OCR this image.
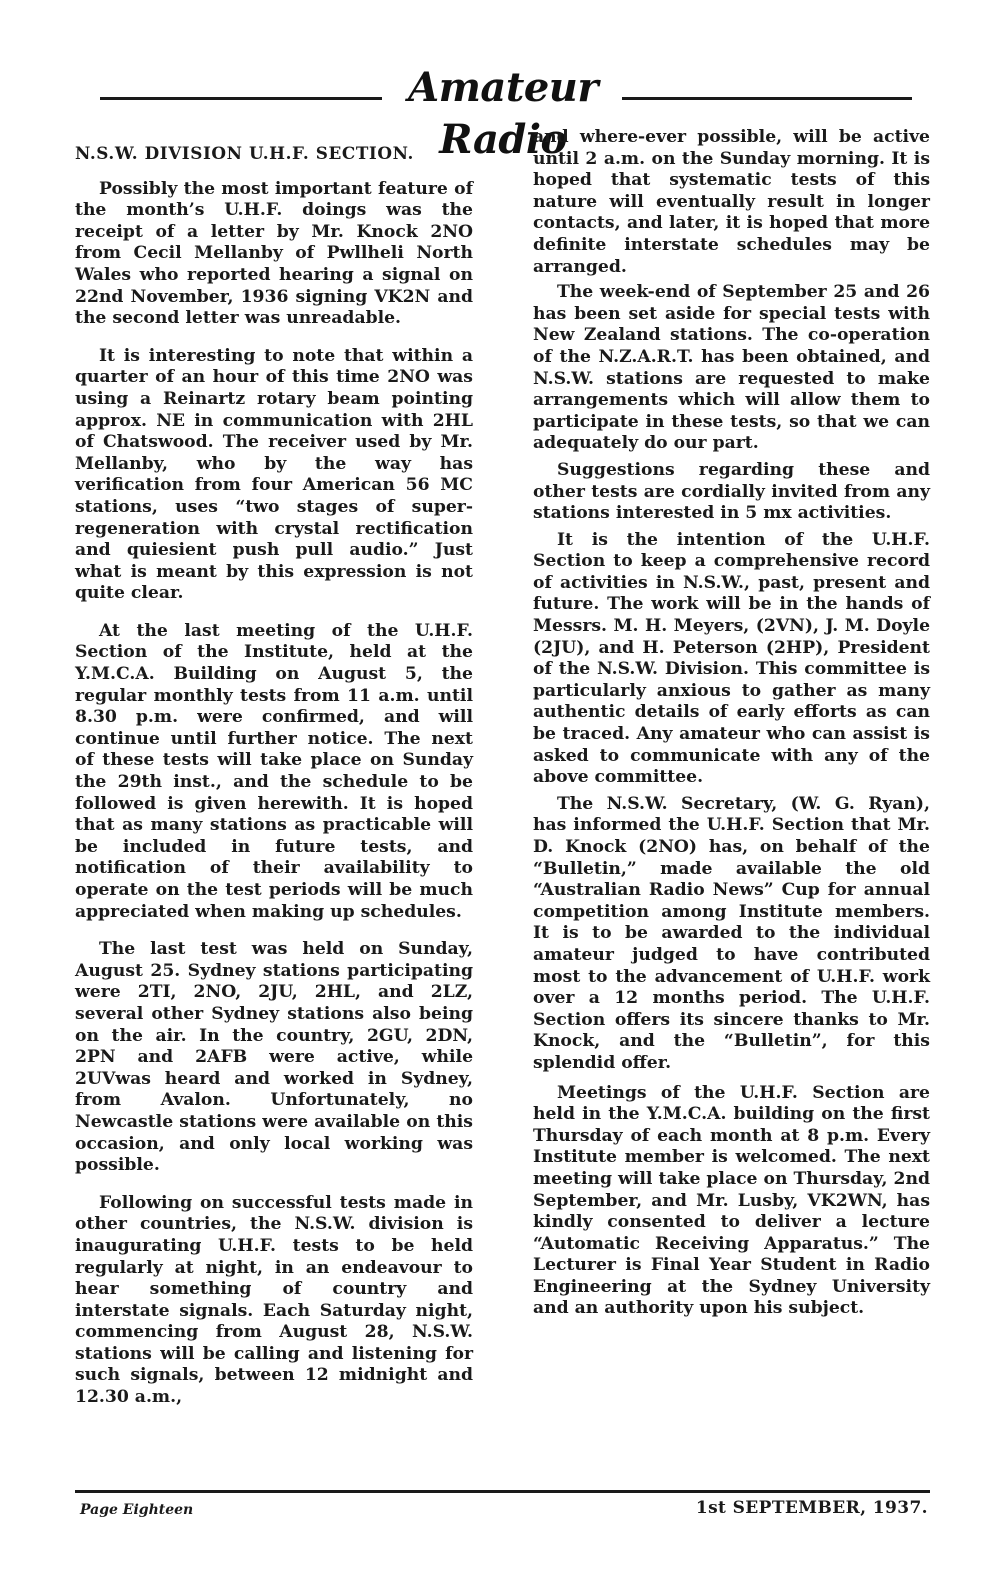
Amateur Radio

N.S.W. DIVISION U.H.F. SECTION.

Possibly the most important feature of the month’s U.H.F. doings was the receipt of a letter by Mr. Knock 2NO from Cecil Mellanby of Pwllheli North Wales who reported hearing a signal on 22nd November, 1936 signing VK2N and the second letter was unreadable.

It is interesting to note that within a quarter of an hour of this time 2NO was using a Reinartz rotary beam pointing approx. NE in communication with 2HL of Chatswood. The receiver used by Mr. Mellanby, who by the way has verification from four American 56 MC stations, uses “two stages of super-regeneration with crystal rectification and quiesient push pull audio.” Just what is meant by this expression is not quite clear.

At the last meeting of the U.H.F. Section of the Institute, held at the Y.M.C.A. Building on August 5, the regular monthly tests from 11 a.m. until 8.30 p.m. were confirmed, and will continue until further notice. The next of these tests will take place on Sunday the 29th inst., and the schedule to be followed is given herewith. It is hoped that as many stations as practicable will be included in future tests, and notification of their availability to operate on the test periods will be much appreciated when making up schedules.

The last test was held on Sunday, August 25. Sydney stations participating were 2TI, 2NO, 2JU, 2HL, and 2LZ, several other Sydney stations also being on the air. In the country, 2GU, 2DN, 2PN and 2AFB were active, while 2UVwas heard and worked in Sydney, from Avalon. Unfortunately, no Newcastle stations were available on this occasion, and only local working was possible.

Following on successful tests made in other countries, the N.S.W. division is inaugurating U.H.F. tests to be held regularly at night, in an endeavour to hear something of country and interstate signals. Each Saturday night, commencing from August 28, N.S.W. stations will be calling and listening for such signals, between 12 midnight and 12.30 a.m.,

and where-ever possible, will be active until 2 a.m. on the Sunday morning. It is hoped that systematic tests of this nature will eventually result in longer contacts, and later, it is hoped that more definite interstate schedules may be arranged.

The week-end of September 25 and 26 has been set aside for special tests with New Zealand stations. The co-operation of the N.Z.A.R.T. has been obtained, and N.S.W. stations are requested to make arrangements which will allow them to participate in these tests, so that we can adequately do our part.

Suggestions regarding these and other tests are cordially invited from any stations interested in 5 mx activities.

It is the intention of the U.H.F. Section to keep a comprehensive record of activities in N.S.W., past, present and future. The work will be in the hands of Messrs. M. H. Meyers, (2VN), J. M. Doyle (2JU), and H. Peterson (2HP), President of the N.S.W. Division. This committee is particularly anxious to gather as many authentic details of early efforts as can be traced. Any amateur who can assist is asked to communicate with any of the above committee.

The N.S.W. Secretary, (W. G. Ryan), has informed the U.H.F. Section that Mr. D. Knock (2NO) has, on behalf of the “Bulletin,” made available the old “Australian Radio News” Cup for annual competition among Institute members. It is to be awarded to the individual amateur judged to have contributed most to the advancement of U.H.F. work over a 12 months period. The U.H.F. Section offers its sincere thanks to Mr. Knock, and the “Bulletin”, for this splendid offer.

Meetings of the U.H.F. Section are held in the Y.M.C.A. building on the first Thursday of each month at 8 p.m. Every Institute member is welcomed. The next meeting will take place on Thursday, 2nd September, and Mr. Lusby, VK2WN, has kindly consented to deliver a lecture “Automatic Receiving Apparatus.” The Lecturer is Final Year Student in Radio Engineering at the Sydney University and an authority upon his subject.

Page Eighteen	1st SEPTEMBER, 1937.
